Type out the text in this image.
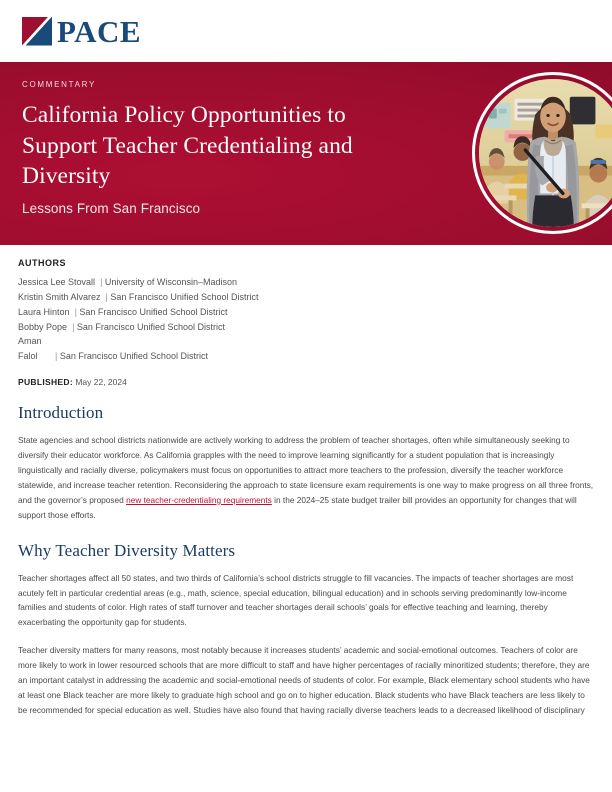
PACE
COMMENTARY
California Policy Opportunities to Support Teacher Credentialing and Diversity
Lessons From San Francisco
AUTHORS
Jessica Lee Stovall | University of Wisconsin–Madison
Kristin Smith Alvarez | San Francisco Unified School District
Laura Hinton | San Francisco Unified School District
Bobby Pope | San Francisco Unified School District
Aman
Falol | San Francisco Unified School District
PUBLISHED: May 22, 2024
Introduction

State agencies and school districts nationwide are actively working to address the problem of teacher shortages, often while simultaneously seeking to diversify their educator workforce. As California grapples with the need to improve learning significantly for a student population that is increasingly linguistically and racially diverse, policymakers must focus on opportunities to attract more teachers to the profession, diversify the teacher workforce statewide, and increase teacher retention. Reconsidering the approach to state licensure exam requirements is one way to make progress on all three fronts, and the governor’s proposed new teacher-credentialing requirements in the 2024–25 state budget trailer bill provides an opportunity for changes that will support those efforts.

Why Teacher Diversity Matters

Teacher shortages affect all 50 states, and two thirds of California’s school districts struggle to fill vacancies. The impacts of teacher shortages are most acutely felt in particular credential areas (e.g., math, science, special education, bilingual education) and in schools serving predominantly low-income families and students of color. High rates of staff turnover and teacher shortages derail schools’ goals for effective teaching and learning, thereby exacerbating the opportunity gap for students.

Teacher diversity matters for many reasons, most notably because it increases students’ academic and social-emotional outcomes. Teachers of color are more likely to work in lower resourced schools that are more difficult to staff and have higher percentages of racially minoritized students; therefore, they are an important catalyst in addressing the academic and social-emotional needs of students of color. For example, Black elementary school students who have at least one Black teacher are more likely to graduate high school and go on to higher education. Black students who have Black teachers are less likely to be recommended for special education as well. Studies have also found that having racially diverse teachers leads to a decreased likelihood of disciplinary
